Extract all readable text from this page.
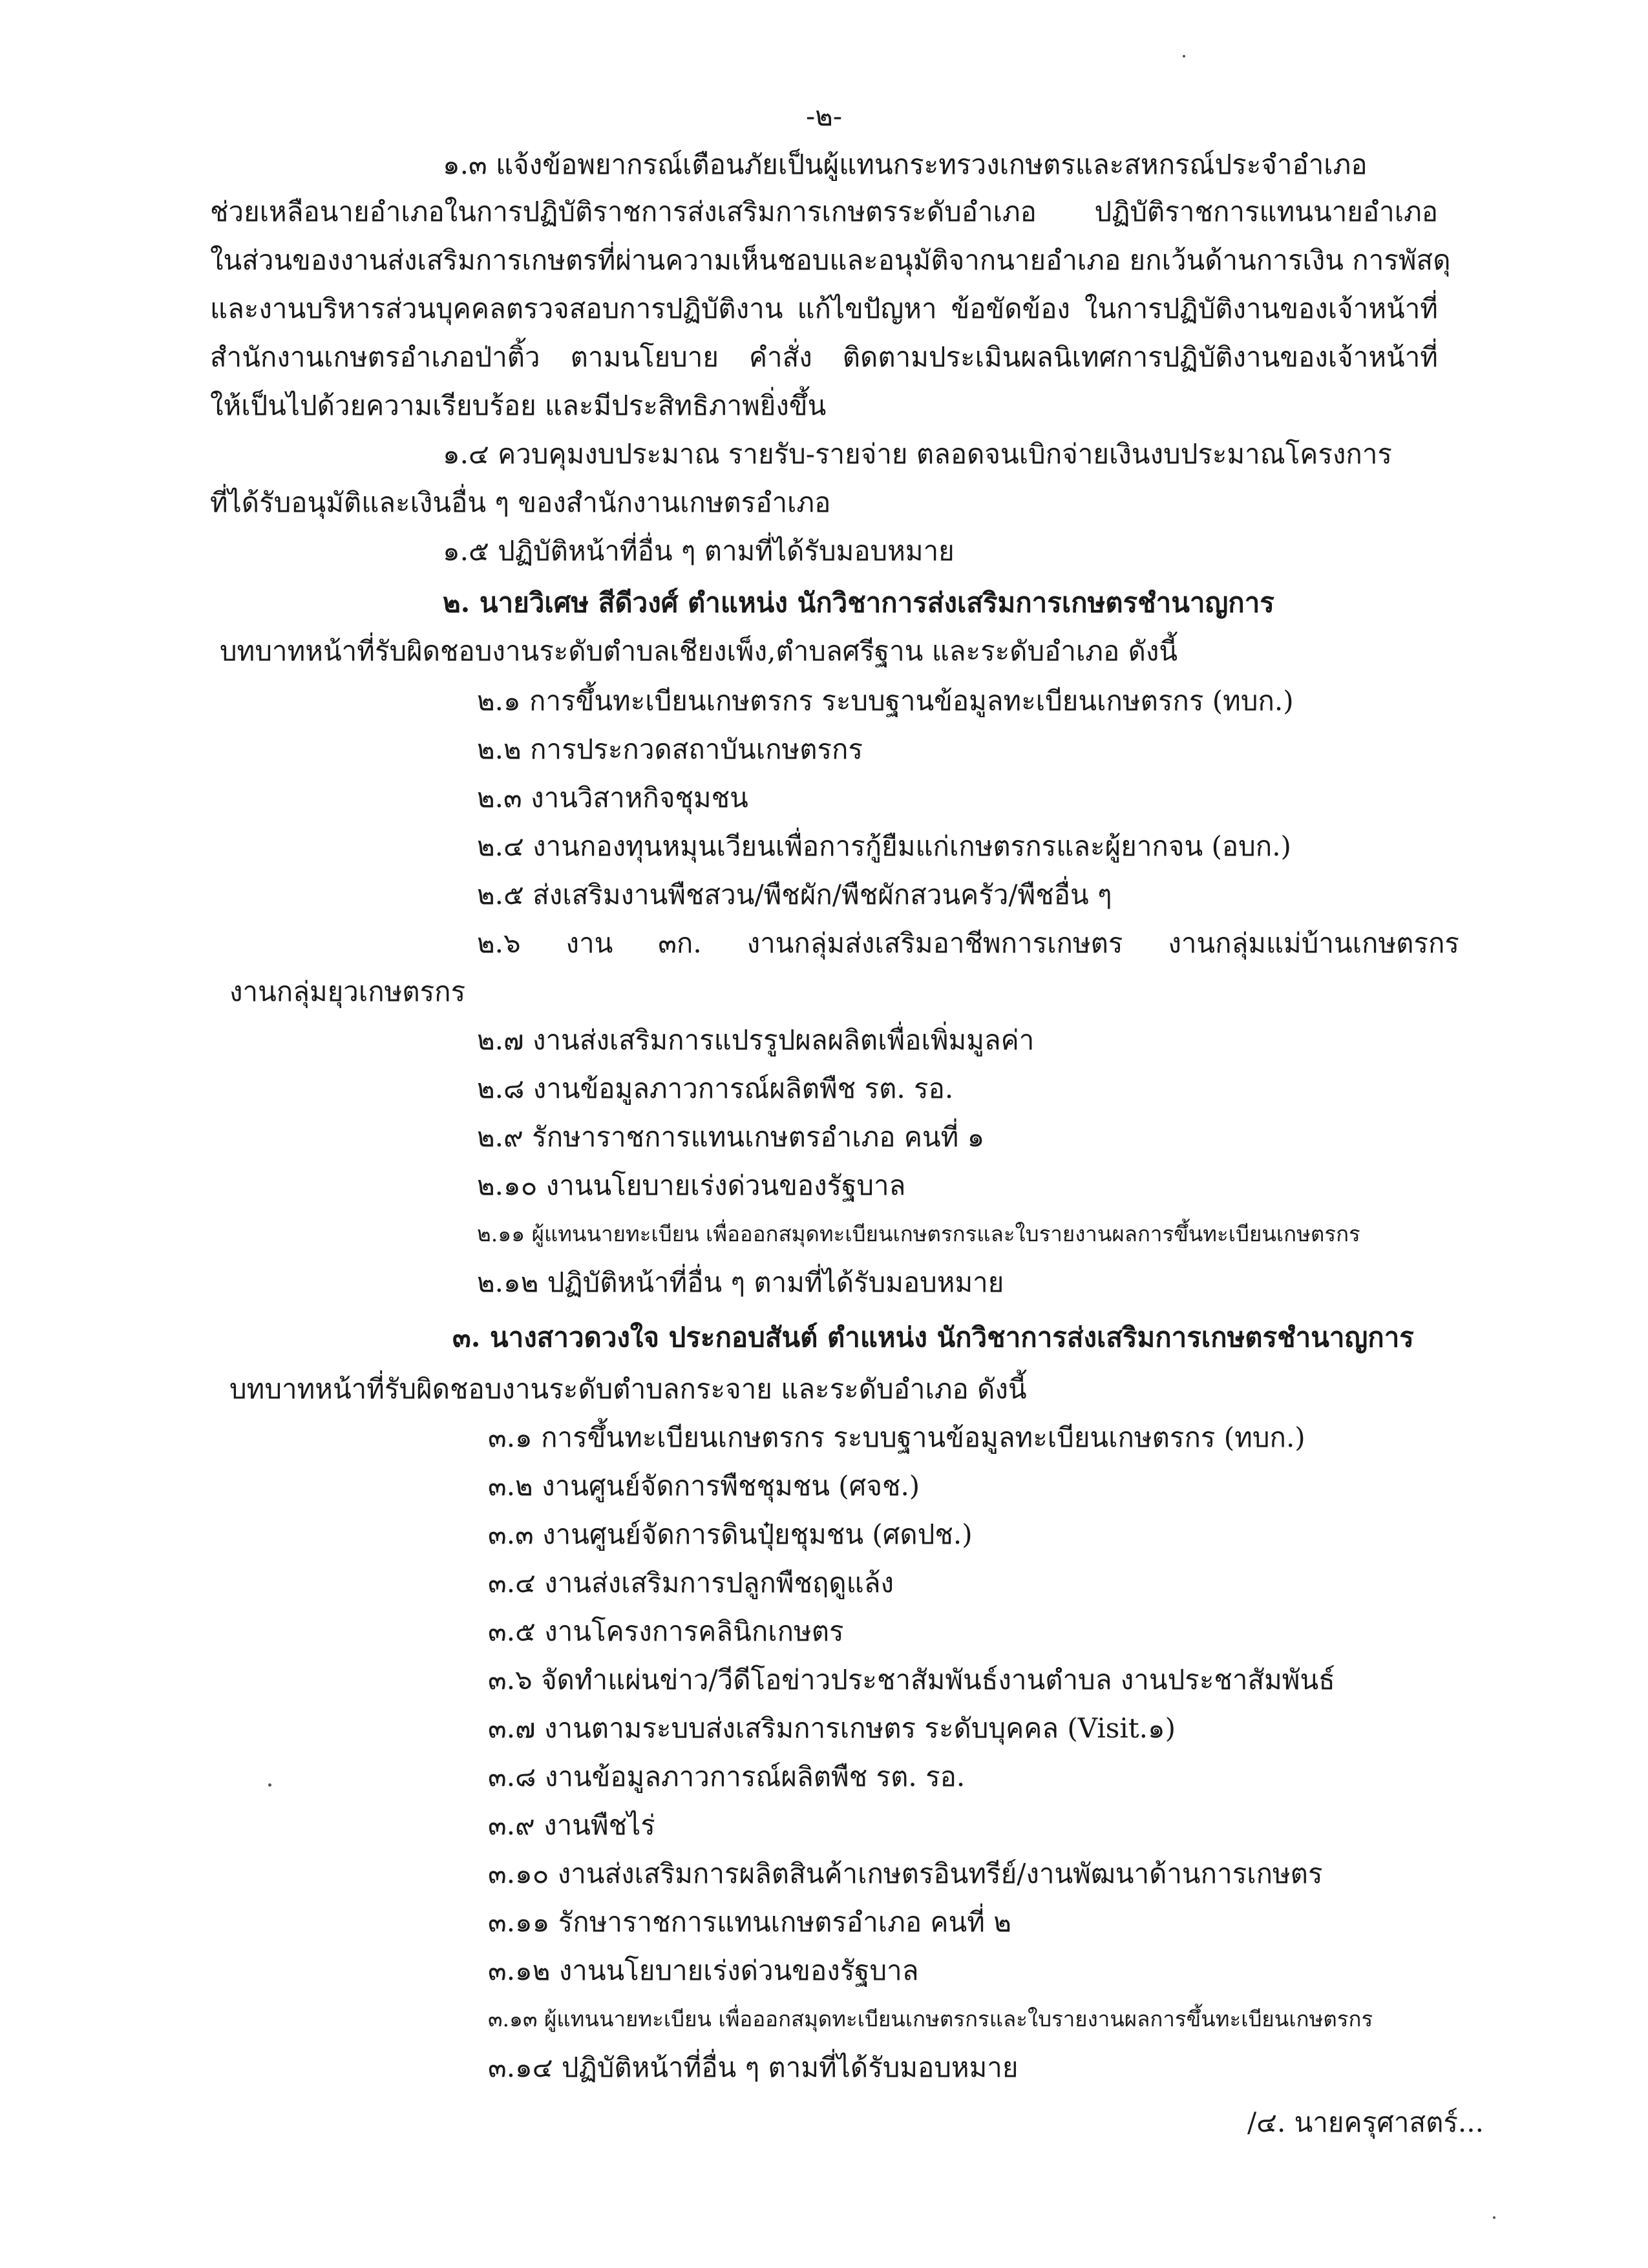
-๒-
๑.๓ แจ้งข้อพยากรณ์เตือนภัยเป็นผู้แทนกระทรวงเกษตรและสหกรณ์ประจำอำเภอ
ช่วยเหลือนายอำเภอในการปฏิบัติราชการส่งเสริมการเกษตรระดับอำเภอ ปฏิบัติราชการแทนนายอำเภอ
ในส่วนของงานส่งเสริมการเกษตรที่ผ่านความเห็นชอบและอนุมัติจากนายอำเภอ ยกเว้นด้านการเงิน การพัสดุ
และงานบริหารส่วนบุคคลตรวจสอบการปฏิบัติงาน แก้ไขปัญหา ข้อขัดข้อง ในการปฏิบัติงานของเจ้าหน้าที่
สำนักงานเกษตรอำเภอป่าติ้ว ตามนโยบาย คำสั่ง ติดตามประเมินผลนิเทศการปฏิบัติงานของเจ้าหน้าที่
ให้เป็นไปด้วยความเรียบร้อย และมีประสิทธิภาพยิ่งขึ้น
๑.๔ ควบคุมงบประมาณ รายรับ-รายจ่าย ตลอดจนเบิกจ่ายเงินงบประมาณโครงการ
ที่ได้รับอนุมัติและเงินอื่น ๆ ของสำนักงานเกษตรอำเภอ
๑.๕ ปฏิบัติหน้าที่อื่น ๆ ตามที่ได้รับมอบหมาย
๒. นายวิเศษ สีดีวงศ์ ตำแหน่ง นักวิชาการส่งเสริมการเกษตรชำนาญการ
บทบาทหน้าที่รับผิดชอบงานระดับตำบลเชียงเพ็ง,ตำบลศรีฐาน และระดับอำเภอ ดังนี้
๒.๑ การขึ้นทะเบียนเกษตรกร ระบบฐานข้อมูลทะเบียนเกษตรกร (ทบก.)
๒.๒ การประกวดสถาบันเกษตรกร
๒.๓ งานวิสาหกิจชุมชน
๒.๔ งานกองทุนหมุนเวียนเพื่อการกู้ยืมแก่เกษตรกรและผู้ยากจน (อบก.)
๒.๕ ส่งเสริมงานพืชสวน/พืชผัก/พืชผักสวนครัว/พืชอื่น ๆ
๒.๖ งาน ๓ก. งานกลุ่มส่งเสริมอาชีพการเกษตร งานกลุ่มแม่บ้านเกษตรกร
งานกลุ่มยุวเกษตรกร
๒.๗ งานส่งเสริมการแปรรูปผลผลิตเพื่อเพิ่มมูลค่า
๒.๘ งานข้อมูลภาวการณ์ผลิตพืช รต. รอ.
๒.๙ รักษาราชการแทนเกษตรอำเภอ คนที่ ๑
๒.๑๐ งานนโยบายเร่งด่วนของรัฐบาล
๒.๑๑ ผู้แทนนายทะเบียน เพื่อออกสมุดทะเบียนเกษตรกรและใบรายงานผลการขึ้นทะเบียนเกษตรกร
๒.๑๒ ปฏิบัติหน้าที่อื่น ๆ ตามที่ได้รับมอบหมาย
๓. นางสาวดวงใจ ประกอบสันต์ ตำแหน่ง นักวิชาการส่งเสริมการเกษตรชำนาญการ
บทบาทหน้าที่รับผิดชอบงานระดับตำบลกระจาย และระดับอำเภอ ดังนี้
๓.๑ การขึ้นทะเบียนเกษตรกร ระบบฐานข้อมูลทะเบียนเกษตรกร (ทบก.)
๓.๒ งานศูนย์จัดการพืชชุมชน (ศจช.)
๓.๓ งานศูนย์จัดการดินปุ๋ยชุมชน (ศดปช.)
๓.๔ งานส่งเสริมการปลูกพืชฤดูแล้ง
๓.๕ งานโครงการคลินิกเกษตร
๓.๖ จัดทำแผ่นข่าว/วีดีโอข่าวประชาสัมพันธ์งานตำบล งานประชาสัมพันธ์
๓.๗ งานตามระบบส่งเสริมการเกษตร ระดับบุคคล (Visit.๑)
๓.๘ งานข้อมูลภาวการณ์ผลิตพืช รต. รอ.
๓.๙ งานพืชไร่
๓.๑๐ งานส่งเสริมการผลิตสินค้าเกษตรอินทรีย์/งานพัฒนาด้านการเกษตร
๓.๑๑ รักษาราชการแทนเกษตรอำเภอ คนที่ ๒
๓.๑๒ งานนโยบายเร่งด่วนของรัฐบาล
๓.๑๓ ผู้แทนนายทะเบียน เพื่อออกสมุดทะเบียนเกษตรกรและใบรายงานผลการขึ้นทะเบียนเกษตรกร
๓.๑๔ ปฏิบัติหน้าที่อื่น ๆ ตามที่ได้รับมอบหมาย
/๔. นายครุศาสตร์...
